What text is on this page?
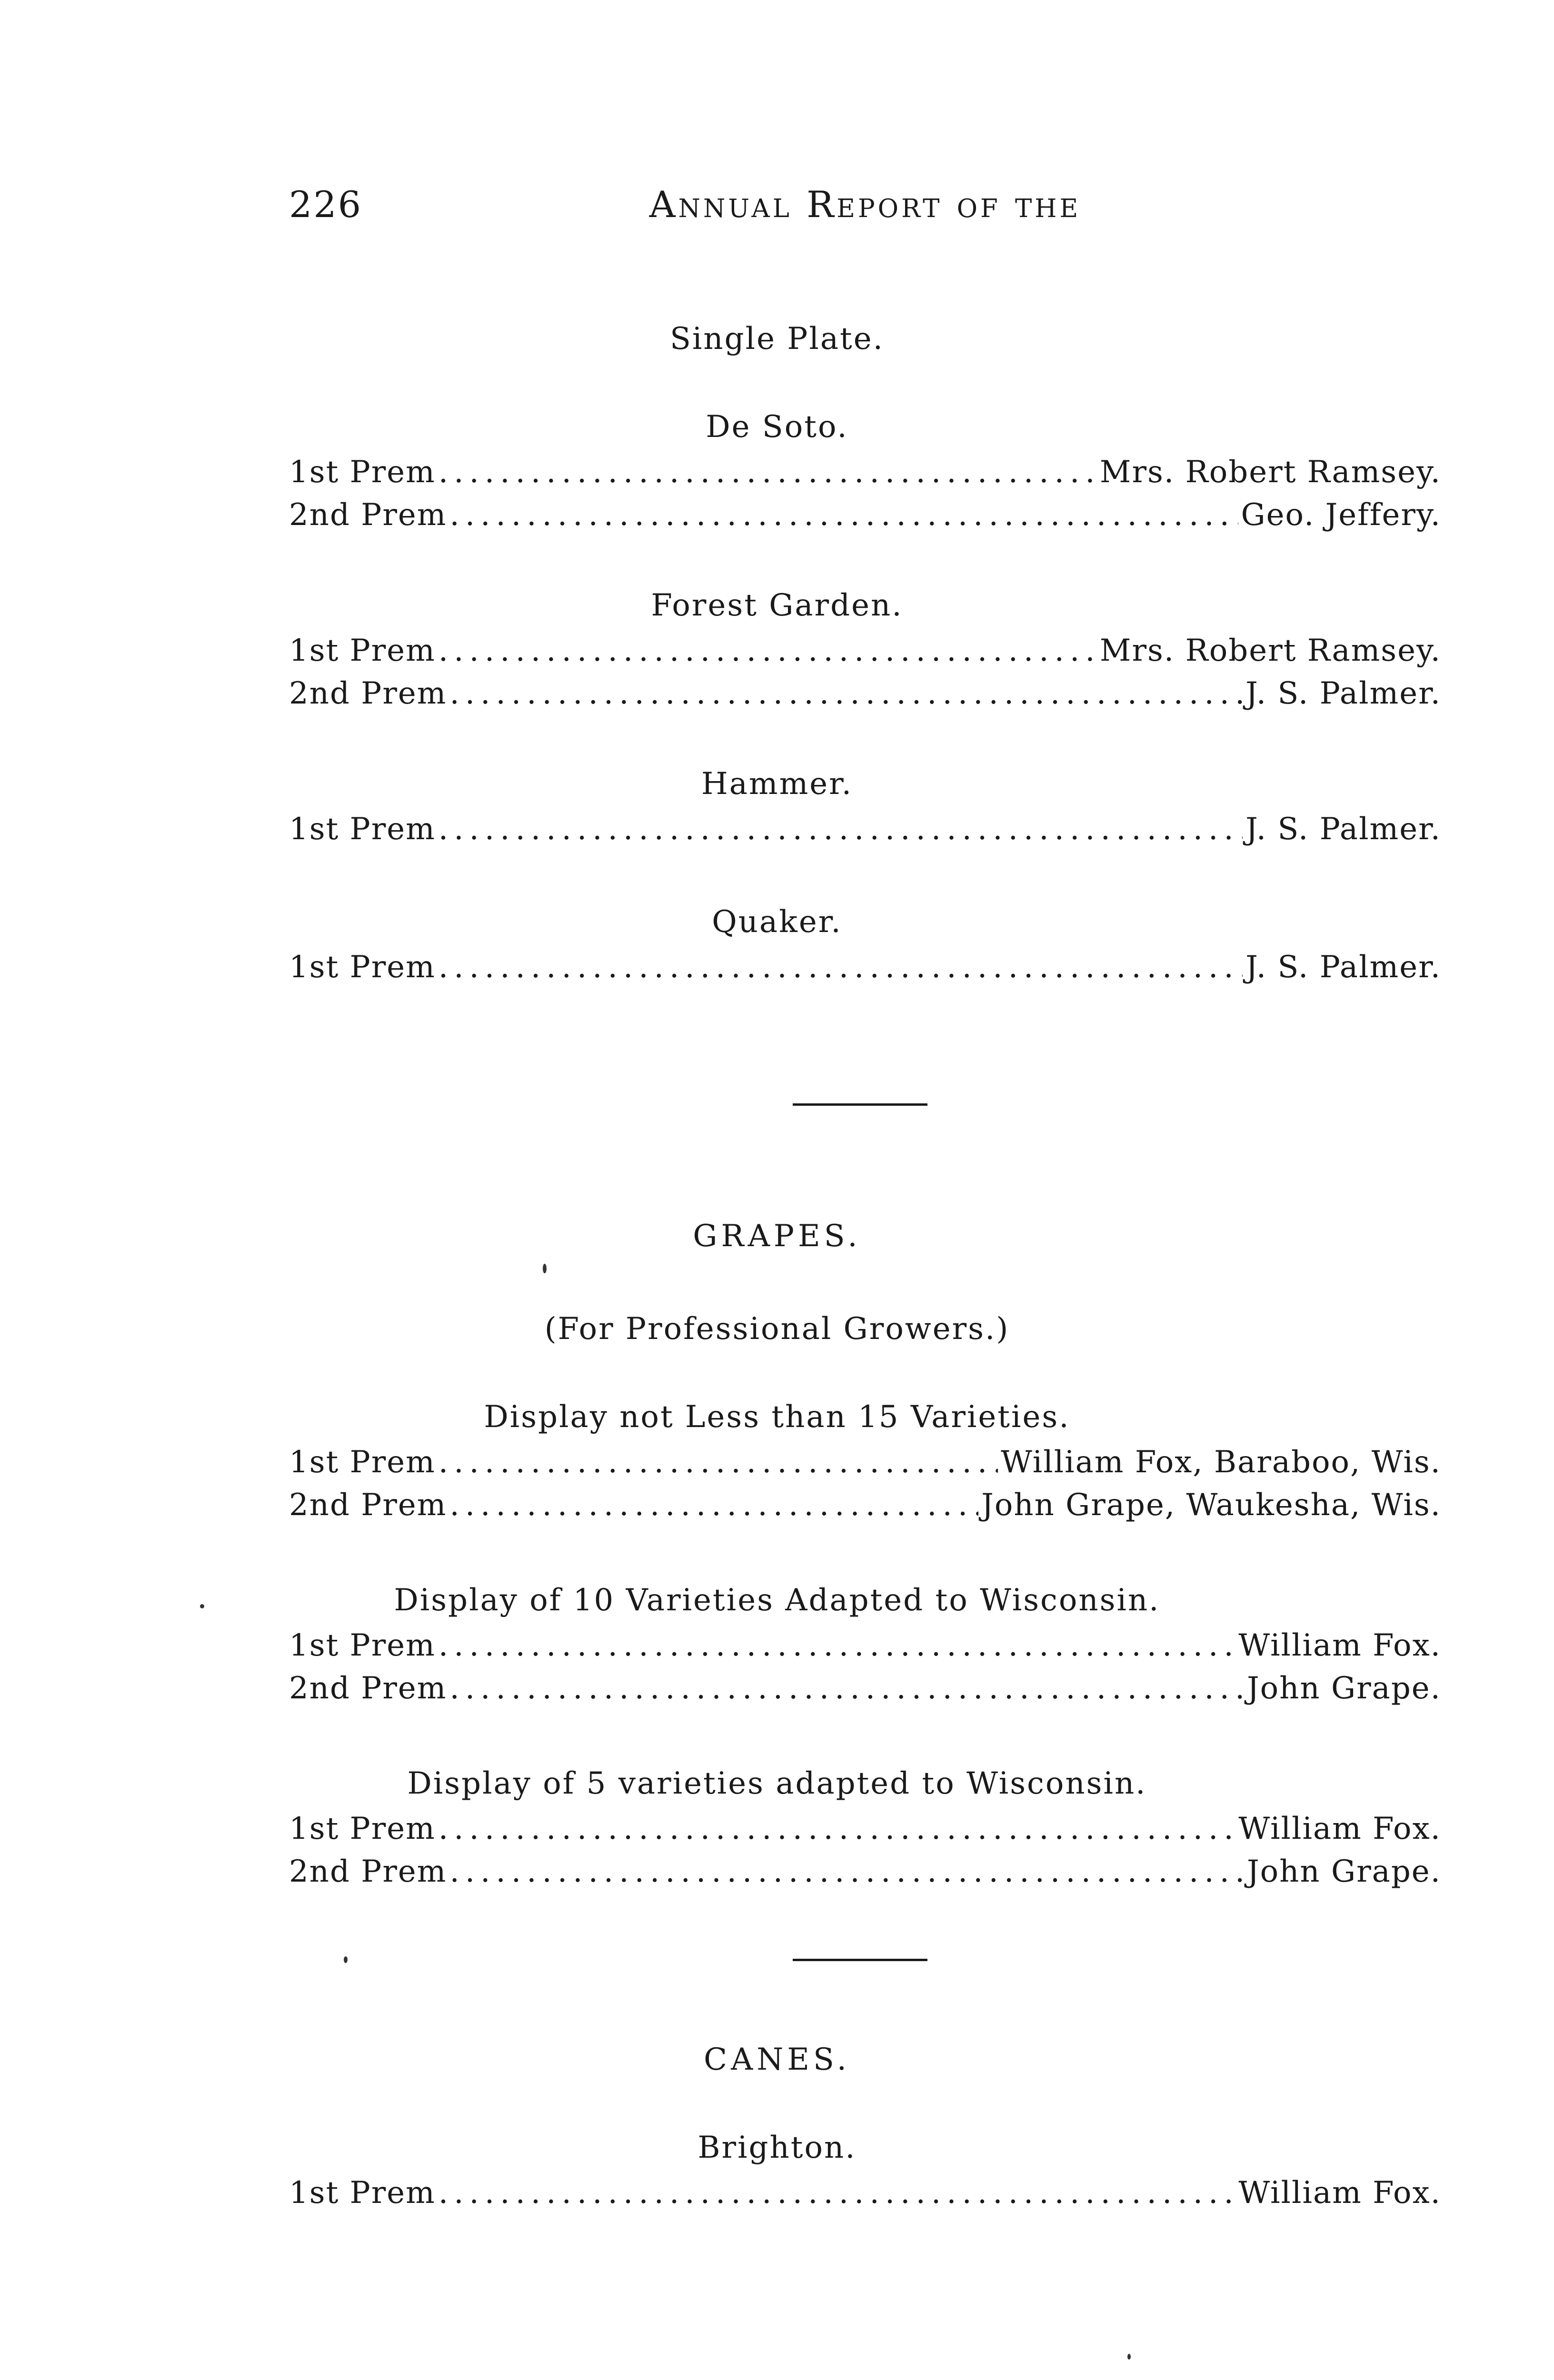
226	Annual Report of the
Single Plate.
De Soto.
1st Prem .....	Mrs. Robert Ramsey.
2nd Prem .....	Geo. Jeffery.
Forest Garden.
1st Prem .....	Mrs. Robert Ramsey.
2nd Prem .....	J. S. Palmer.
Hammer.
1st Prem .....	J. S. Palmer.
Quaker.
1st Prem .....	J. S. Palmer.
GRAPES.
(For Professional Growers.)
Display not Less than 15 Varieties.
1st Prem .....	William Fox, Baraboo, Wis.
2nd Prem .....	John Grape, Waukesha, Wis.
Display of 10 Varieties Adapted to Wisconsin.
1st Prem .....	William Fox.
2nd Prem .....	John Grape.
Display of 5 varieties adapted to Wisconsin.
1st Prem .....	William Fox.
2nd Prem .....	John Grape.
CANES.
Brighton.
1st Prem .....	William Fox.
